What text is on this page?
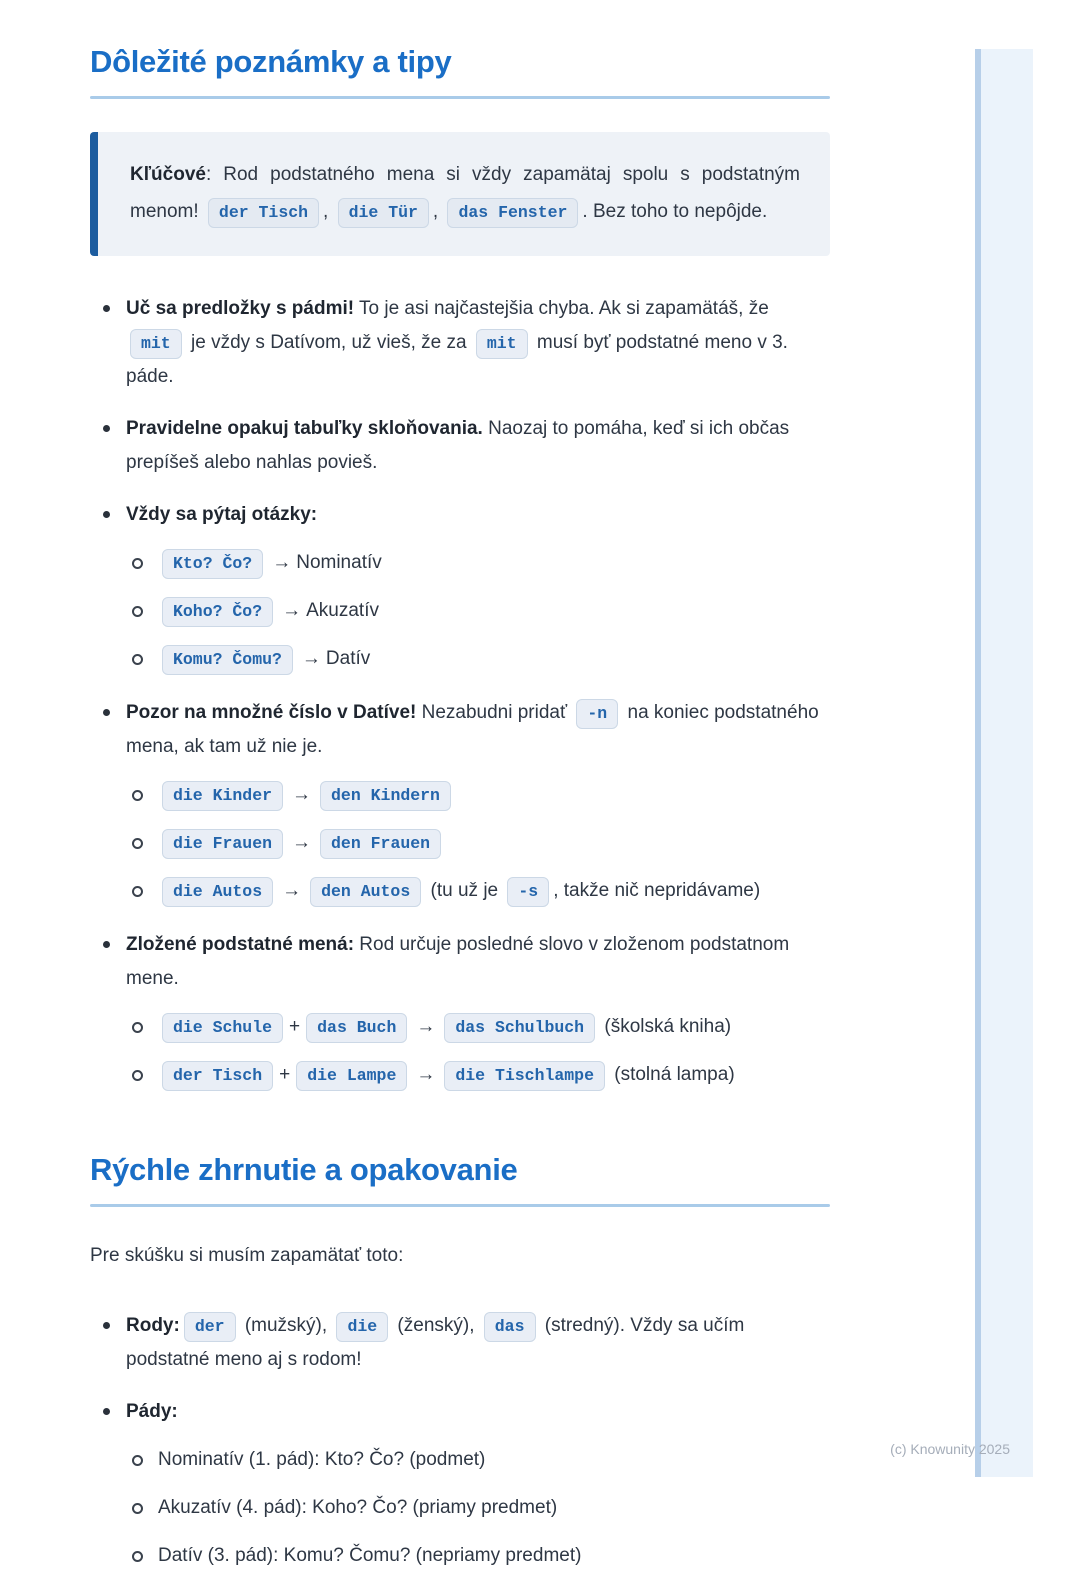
Dôležité poznámky a tipy

Kľúčové: Rod podstatného mena si vždy zapamätaj spolu s podstatným menom! der Tisch , die Tür , das Fenster . Bez toho to nepôjde.

Uč sa predložky s pádmi! To je asi najčastejšia chyba. Ak si zapamätáš, že mit je vždy s Datívom, už vieš, že za mit musí byť podstatné meno v 3. páde.
Pravidelne opakuj tabuľky skloňovania. Naozaj to pomáha, keď si ich občas prepíšeš alebo nahlas povieš.
Vždy sa pýtaj otázky:
Kto? Čo? → Nominatív
Koho? Čo? → Akuzatív
Komu? Čomu? → Datív
Pozor na množné číslo v Datíve! Nezabudni pridať -n na koniec podstatného mena, ak tam už nie je.
die Kinder → den Kindern
die Frauen → den Frauen
die Autos → den Autos (tu už je -s , takže nič nepridávame)
Zložené podstatné mená: Rod určuje posledné slovo v zloženom podstatnom mene.
die Schule + das Buch → das Schulbuch (školská kniha)
der Tisch + die Lampe → die Tischlampe (stolná lampa)
Rýchle zhrnutie a opakovanie

Pre skúšku si musím zapamätať toto:

Rody: der (mužský), die (ženský), das (stredný). Vždy sa učím podstatné meno aj s rodom!
Pády:
Nominatív (1. pád): Kto? Čo? (podmet)
Akuzatív (4. pád): Koho? Čo? (priamy predmet)
Datív (3. pád): Komu? Čomu? (nepriamy predmet)
(c) Knowunity 2025
